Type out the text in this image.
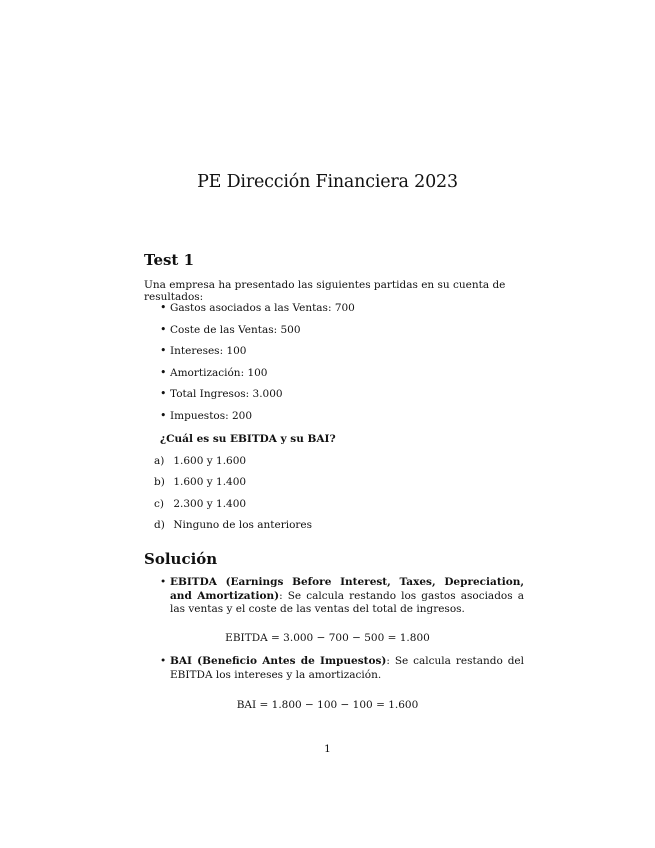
PE Dirección Financiera 2023
Test 1
Una empresa ha presentado las siguientes partidas en su cuenta de resultados:
• Gastos asociados a las Ventas: 700
• Coste de las Ventas: 500
• Intereses: 100
• Amortización: 100
• Total Ingresos: 3.000
• Impuestos: 200
¿Cuál es su EBITDA y su BAI?
a) 1.600 y 1.600
b) 1.600 y 1.400
c) 2.300 y 1.400
d) Ninguno de los anteriores
Solución
• EBITDA (Earnings Before Interest, Taxes, Depreciation, and Amortization): Se calcula restando los gastos asociados a las ventas y el coste de las ventas del total de ingresos.
EBITDA = 3.000 − 700 − 500 = 1.800
• BAI (Beneficio Antes de Impuestos): Se calcula restando del EBITDA los intereses y la amortización.
BAI = 1.800 − 100 − 100 = 1.600
1
